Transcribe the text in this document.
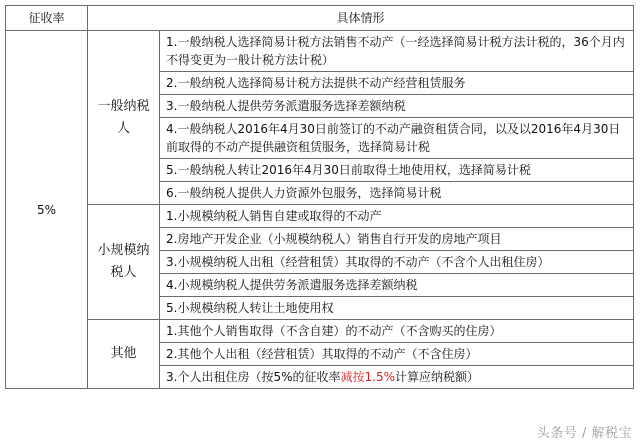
征收率	具体情形	
5%	一般纳税人	1.一般纳税人选择简易计税方法销售不动产（一经选择简易计税方法计税的，36个月内不得变更为一般计税方法计税）
		2.一般纳税人选择简易计税方法提供不动产经营租赁服务
		3.一般纳税人提供劳务派遣服务选择差额纳税
		4.一般纳税人2016年4月30日前签订的不动产融资租赁合同，以及以2016年4月30日前取得的不动产提供融资租赁服务，选择简易计税
		5.一般纳税人转让2016年4月30日前取得土地使用权，选择简易计税
		6.一般纳税人提供人力资源外包服务，选择简易计税
	小规模纳税人	1.小规模纳税人销售自建或取得的不动产
		2.房地产开发企业（小规模纳税人）销售自行开发的房地产项目
		3.小规模纳税人出租（经营租赁）其取得的不动产（不含个人出租住房）
		4.小规模纳税人提供劳务派遣服务选择差额纳税
		5.小规模纳税人转让土地使用权
	其他	1.其他个人销售取得（不含自建）的不动产（不含购买的住房）
		2.其他个人出租（经营租赁）其取得的不动产（不含住房）
		3.个人出租住房（按5%的征收率减按1.5%计算应纳税额）
头条号 / 解税宝
